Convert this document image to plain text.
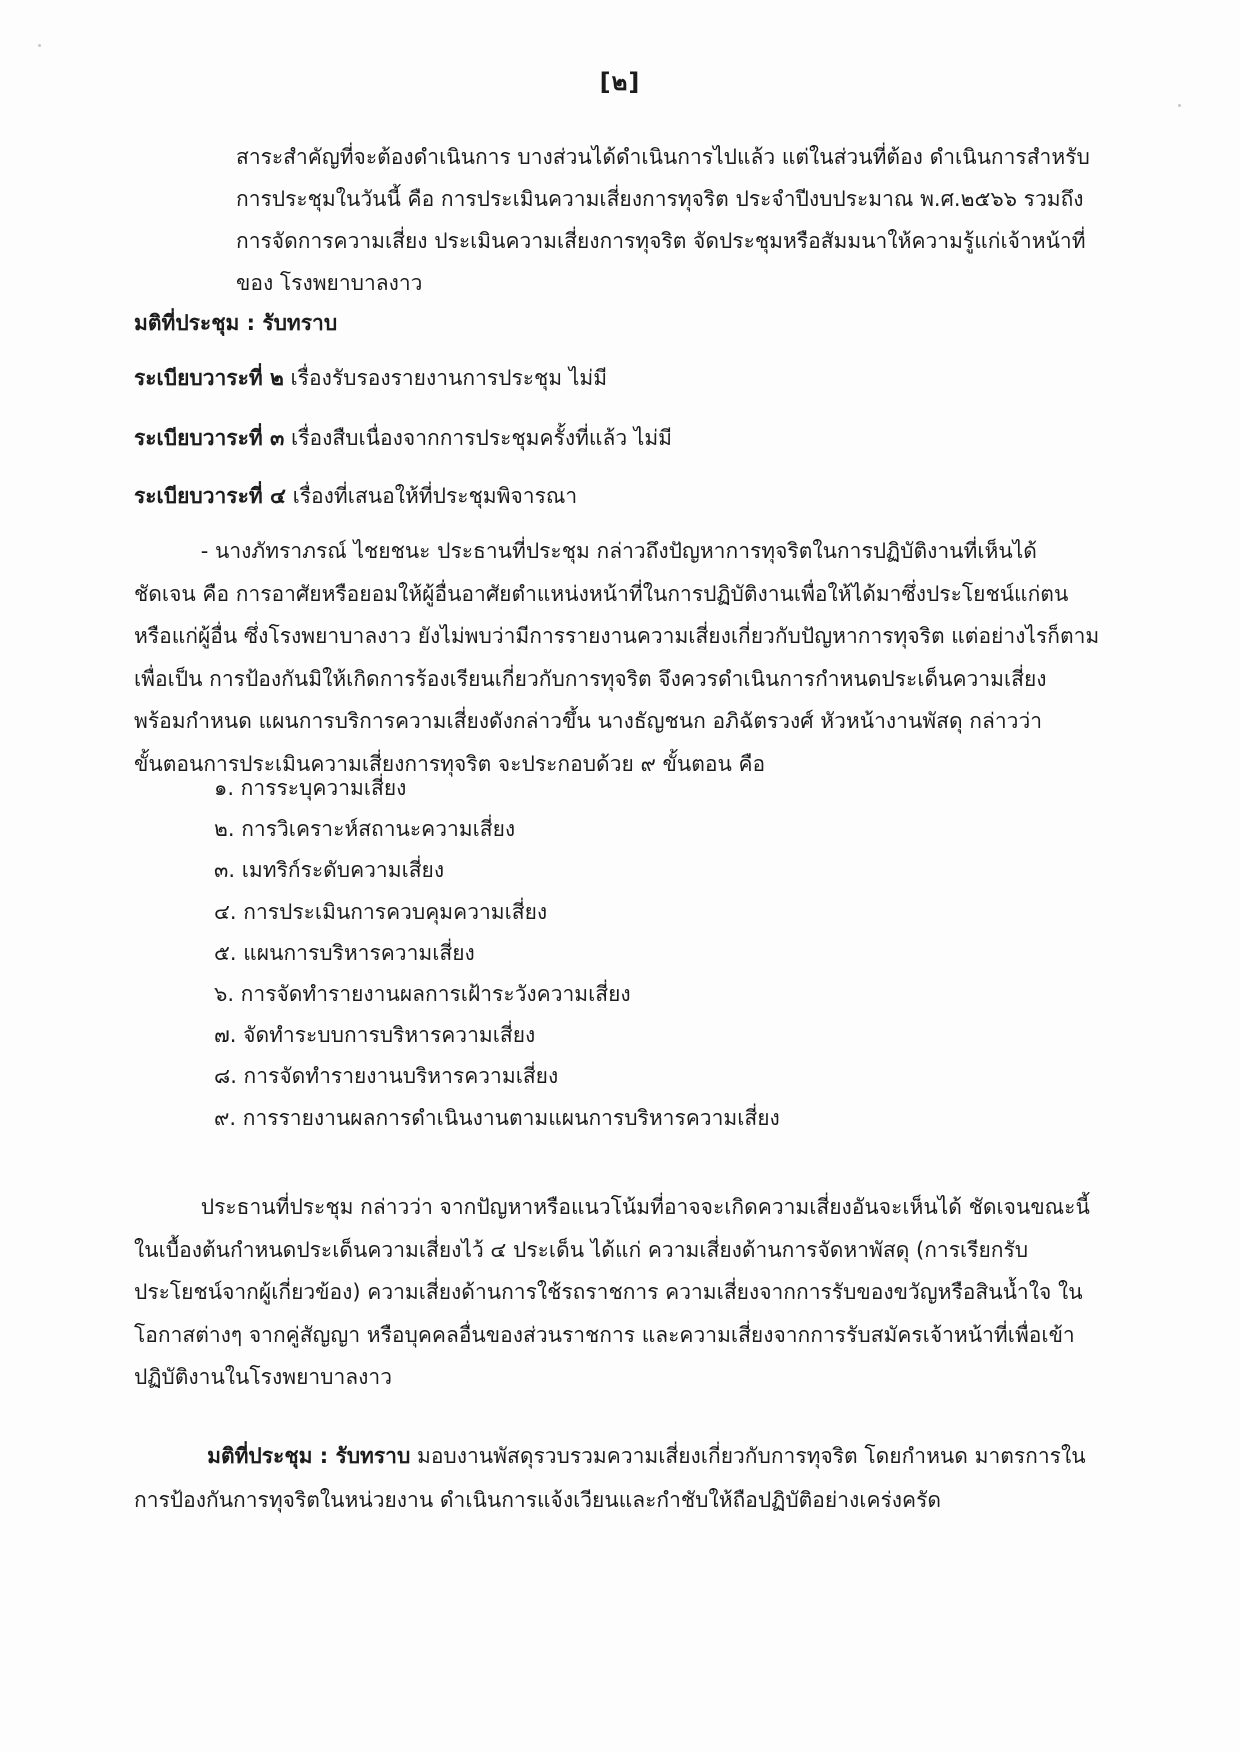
[๒]

สาระสำคัญที่จะต้องดำเนินการ บางส่วนได้ดำเนินการไปแล้ว แต่ในส่วนที่ต้อง ดำเนินการสำหรับ
การประชุมในวันนี้ คือ การประเมินความเสี่ยงการทุจริต ประจำปีงบประมาณ พ.ศ.๒๕๖๖ รวมถึง
การจัดการความเสี่ยง ประเมินความเสี่ยงการทุจริต จัดประชุมหรือสัมมนาให้ความรู้แก่เจ้าหน้าที่
ของ โรงพยาบาลงาว

มติที่ประชุม : รับทราบ

ระเบียบวาระที่ ๒ เรื่องรับรองรายงานการประชุม ไม่มี

ระเบียบวาระที่ ๓ เรื่องสืบเนื่องจากการประชุมครั้งที่แล้ว ไม่มี

ระเบียบวาระที่ ๔ เรื่องที่เสนอให้ที่ประชุมพิจารณา

- นางภัทราภรณ์ ไชยชนะ ประธานที่ประชุม กล่าวถึงปัญหาการทุจริตในการปฏิบัติงานที่เห็นได้
ชัดเจน คือ การอาศัยหรือยอมให้ผู้อื่นอาศัยตำแหน่งหน้าที่ในการปฏิบัติงานเพื่อให้ได้มาซึ่งประโยชน์แก่ตน
หรือแก่ผู้อื่น ซึ่งโรงพยาบาลงาว ยังไม่พบว่ามีการรายงานความเสี่ยงเกี่ยวกับปัญหาการทุจริต แต่อย่างไรก็ตาม
เพื่อเป็น การป้องกันมิให้เกิดการร้องเรียนเกี่ยวกับการทุจริต จึงควรดำเนินการกำหนดประเด็นความเสี่ยง
พร้อมกำหนด แผนการบริการความเสี่ยงดังกล่าวขึ้น นางธัญชนก อภิฉัตรวงศ์ หัวหน้างานพัสดุ กล่าวว่า
ขั้นตอนการประเมินความเสี่ยงการทุจริต จะประกอบด้วย ๙ ขั้นตอน คือ

๑. การระบุความเสี่ยง
๒. การวิเคราะห์สถานะความเสี่ยง
๓. เมทริก์ระดับความเสี่ยง
๔. การประเมินการควบคุมความเสี่ยง
๕. แผนการบริหารความเสี่ยง
๖. การจัดทำรายงานผลการเฝ้าระวังความเสี่ยง
๗. จัดทำระบบการบริหารความเสี่ยง
๘. การจัดทำรายงานบริหารความเสี่ยง
๙. การรายงานผลการดำเนินงานตามแผนการบริหารความเสี่ยง

ประธานที่ประชุม กล่าวว่า จากปัญหาหรือแนวโน้มที่อาจจะเกิดความเสี่ยงอันจะเห็นได้ ชัดเจนขณะนี้
ในเบื้องต้นกำหนดประเด็นความเสี่ยงไว้ ๔ ประเด็น ได้แก่ ความเสี่ยงด้านการจัดหาพัสดุ (การเรียกรับ
ประโยชน์จากผู้เกี่ยวข้อง) ความเสี่ยงด้านการใช้รถราชการ ความเสี่ยงจากการรับของขวัญหรือสินน้ำใจ ใน
โอกาสต่างๆ จากคู่สัญญา หรือบุคคลอื่นของส่วนราชการ และความเสี่ยงจากการรับสมัครเจ้าหน้าที่เพื่อเข้า
ปฏิบัติงานในโรงพยาบาลงาว

มติที่ประชุม : รับทราบ มอบงานพัสดุรวบรวมความเสี่ยงเกี่ยวกับการทุจริต โดยกำหนด มาตรการใน
การป้องกันการทุจริตในหน่วยงาน ดำเนินการแจ้งเวียนและกำชับให้ถือปฏิบัติอย่างเคร่งครัด
